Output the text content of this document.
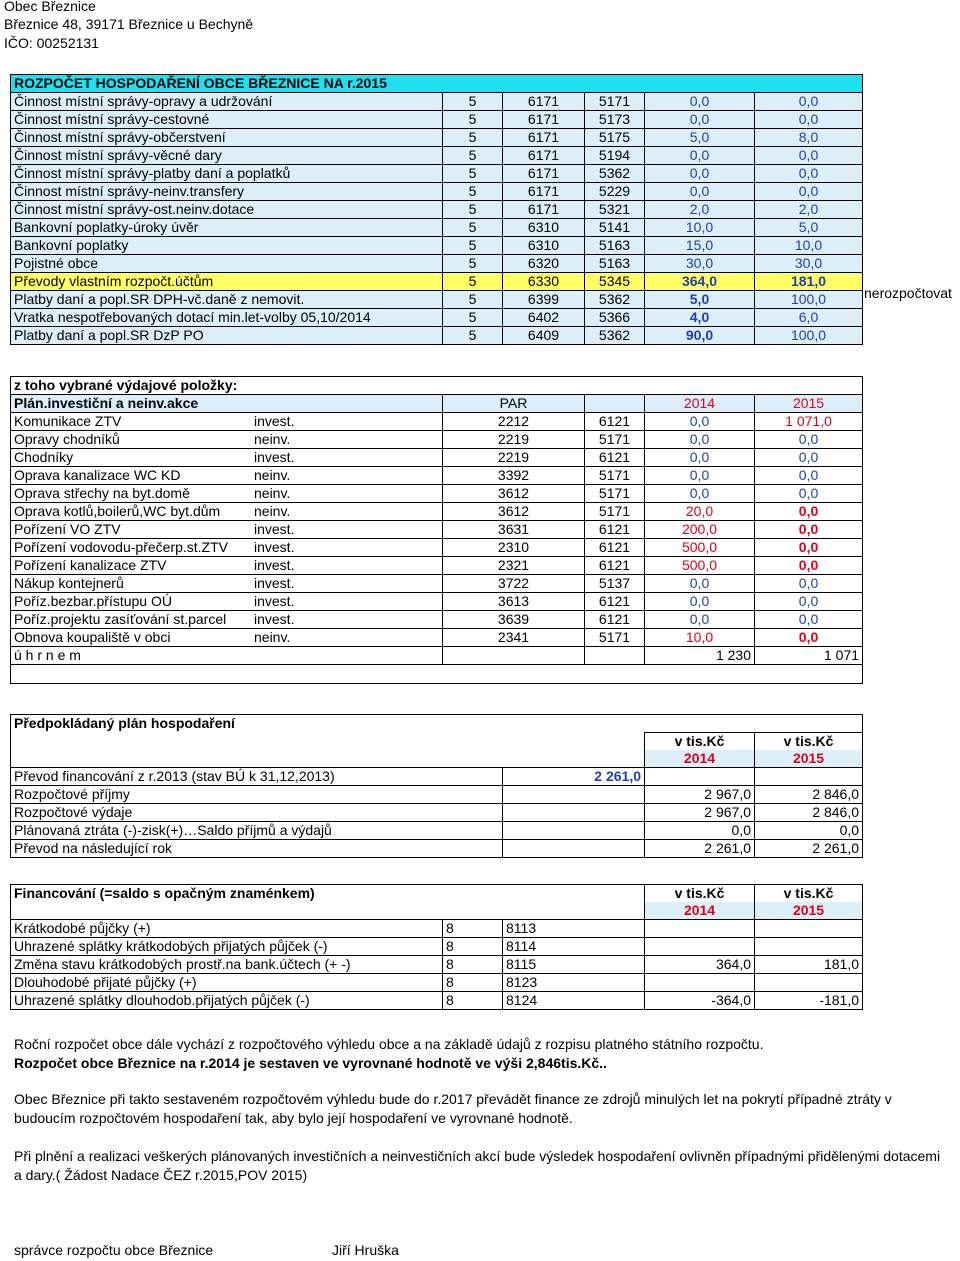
Obec Březnice
Březnice 48, 39171 Březnice u Bechyně
IČO: 00252131
ROZPOČET HOSPODAŘENÍ OBCE BŘEZNICE NA r.2015					
Činnost místní správy-opravy a udržování	5	6171	5171	0,0	0,0
Činnost místní správy-cestovné	5	6171	5173	0,0	0,0
Činnost místní správy-občerstvení	5	6171	5175	5,0	8,0
Činnost místní správy-věcné dary	5	6171	5194	0,0	0,0
Činnost místní správy-platby daní a poplatků	5	6171	5362	0,0	0,0
Činnost místní správy-neinv.transfery	5	6171	5229	0,0	0,0
Činnost místní správy-ost.neinv.dotace	5	6171	5321	2,0	2,0
Bankovní poplatky-úroky úvěr	5	6310	5141	10,0	5,0
Bankovní poplatky	5	6310	5163	15,0	10,0
Pojistné obce	5	6320	5163	30,0	30,0
Převody vlastním rozpočt.účtům	5	6330	5345	364,0	181,0
Platby daní a popl.SR DPH-vč.daně z nemovit.	5	6399	5362	5,0	100,0
Vratka nespotřebovaných dotací min.let-volby 05,10/2014	5	6402	5366	4,0	6,0
Platby daní a popl.SR DzP PO	5	6409	5362	90,0	100,0
nerozpočtovat
z toho vybrané výdajové položky:				
Plán.investiční a neinv.akce	PAR		2014	2015
Komunikace ZTV invest.	2212	6121	0,0	1 071,0
Opravy chodníků neinv.	2219	5171	0,0	0,0
Chodníky invest.	2219	6121	0,0	0,0
Oprava kanalizace WC KD neinv.	3392	5171	0,0	0,0
Oprava střechy na byt.domě neinv.	3612	5171	0,0	0,0
Oprava kotlů,boilerů,WC byt.dům neinv.	3612	5171	20,0	0,0
Pořízení VO ZTV invest.	3631	6121	200,0	0,0
Pořízení vodovodu-přečerp.st.ZTV invest.	2310	6121	500,0	0,0
Pořízení kanalizace ZTV invest.	2321	6121	500,0	0,0
Nákup kontejnerů invest.	3722	5137	0,0	0,0
Poříz.bezbar.přístupu OÚ invest.	3613	6121	0,0	0,0
Poříz.projektu zasíťování st.parcel invest.	3639	6121	0,0	0,0
Obnova koupaliště v obci neinv.	2341	5171	10,0	0,0
ú h r n e m			1 230	1 071

Předpokládaný plán hospodaření			
		v tis.Kč	v tis.Kč
		2014	2015
Převod financování z r.2013 (stav BÚ k 31,12,2013)	2 261,0		
Rozpočtové příjmy		2 967,0	2 846,0
Rozpočtové výdaje		2 967,0	2 846,0
Plánovaná ztráta (-)-zisk(+)…Saldo příjmů a výdajů		0,0	0,0
Převod na následující rok		2 261,0	2 261,0
Financování (=saldo s opačným znaménkem)			v tis.Kč	v tis.Kč
			2014	2015
Krátkodobé půjčky (+)	8	8113		
Uhrazené splátky krátkodobých přijatých půjček (-)	8	8114		
Změna stavu krátkodobých prostř.na bank.účtech (+ -)	8	8115	364,0	181,0
Dlouhodobé přijaté půjčky (+)	8	8123		
Uhrazené splátky dlouhodob.přijatých půjček (-)	8	8124	-364,0	-181,0
Roční rozpočet obce dále vychází z rozpočtového výhledu obce a na základě údajů z rozpisu platného státního rozpočtu.
Rozpočet obce Březnice na r.2014 je sestaven ve vyrovnané hodnotě ve výši 2,846tis.Kč..
Obec Březnice při takto sestaveném rozpočtovém výhledu bude do r.2017 převádět finance ze zdrojů minulých let na pokrytí případné ztráty v budoucím rozpočtovém hospodaření tak, aby bylo její hospodaření ve vyrovnané hodnotě.
Při plnění a realizaci veškerých plánovaných investičních a neinvestičních akcí bude výsledek hospodaření ovlivněn případnými přidělenými dotacemi a dary.( Žádost Nadace ČEZ r.2015,POV 2015)
správce rozpočtu obce Březnice	Jiří Hruška
